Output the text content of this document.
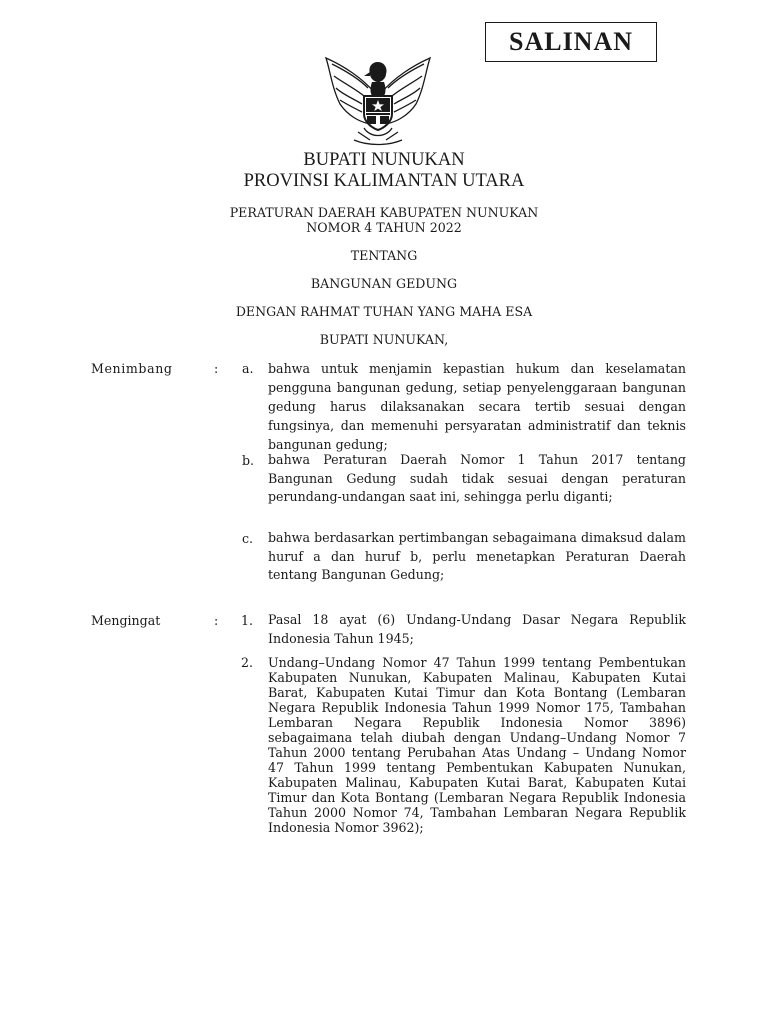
SALINAN
BUPATI NUNUKAN
PROVINSI KALIMANTAN UTARA
PERATURAN DAERAH KABUPATEN NUNUKAN
NOMOR 4 TAHUN 2022
TENTANG
BANGUNAN GEDUNG
DENGAN RAHMAT TUHAN YANG MAHA ESA
BUPATI NUNUKAN,
Menimbang	: a. bahwa untuk menjamin kepastian hukum dan keselamatan pengguna bangunan gedung, setiap penyelenggaraan bangunan gedung harus dilaksanakan secara tertib sesuai dengan fungsinya, dan memenuhi persyaratan administratif dan teknis bangunan gedung;

b. bahwa Peraturan Daerah Nomor 1 Tahun 2017 tentang Bangunan Gedung sudah tidak sesuai dengan peraturan perundang-undangan saat ini, sehingga perlu diganti;

c. bahwa berdasarkan pertimbangan sebagaimana dimaksud dalam huruf a dan huruf b, perlu menetapkan Peraturan Daerah tentang Bangunan Gedung;

Mengingat	: 1. Pasal 18 ayat (6) Undang-Undang Dasar Negara Republik Indonesia Tahun 1945;

2. Undang–Undang Nomor 47 Tahun 1999 tentang Pembentukan Kabupaten Nunukan, Kabupaten Malinau, Kabupaten Kutai Barat, Kabupaten Kutai Timur dan Kota Bontang (Lembaran Negara Republik Indonesia Tahun 1999 Nomor 175, Tambahan Lembaran Negara Republik Indonesia Nomor 3896) sebagaimana telah diubah dengan Undang–Undang Nomor 7 Tahun 2000 tentang Perubahan Atas Undang – Undang Nomor 47 Tahun 1999 tentang Pembentukan Kabupaten Nunukan, Kabupaten Malinau, Kabupaten Kutai Barat, Kabupaten Kutai Timur dan Kota Bontang (Lembaran Negara Republik Indonesia Tahun 2000 Nomor 74, Tambahan Lembaran Negara Republik Indonesia Nomor 3962);
